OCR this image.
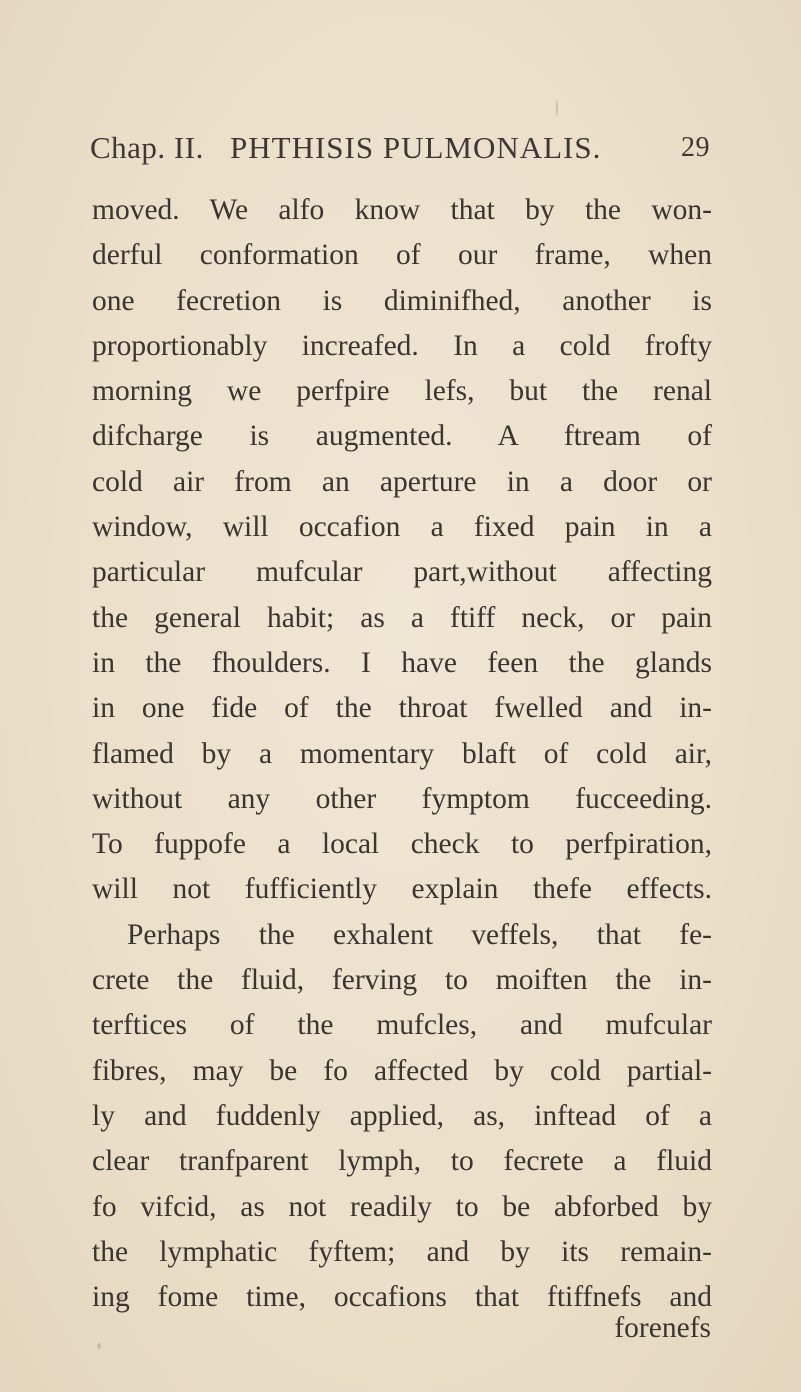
Chap. II. PHTHISIS PULMONALIS.	29
moved. We alfo know that by the won-
derful conformation of our frame, when
one fecretion is diminifhed, another is
proportionably increafed. In a cold frofty
morning we perfpire lefs, but the renal
difcharge is augmented. A ftream of
cold air from an aperture in a door or
window, will occafion a fixed pain in a
particular mufcular part,without affecting
the general habit; as a ftiff neck, or pain
in the fhoulders. I have feen the glands
in one fide of the throat fwelled and in-
flamed by a momentary blaft of cold air,
without any other fymptom fucceeding.
To fuppofe a local check to perfpiration,
will not fufficiently explain thefe effects.
Perhaps the exhalent veffels, that fe-
crete the fluid, ferving to moiften the in-
terftices of the mufcles, and mufcular
fibres, may be fo affected by cold partial-
ly and fuddenly applied, as, inftead of a
clear tranfparent lymph, to fecrete a fluid
fo vifcid, as not readily to be abforbed by
the lymphatic fyftem; and by its remain-
ing fome time, occafions that ftiffnefs and
forenefs
